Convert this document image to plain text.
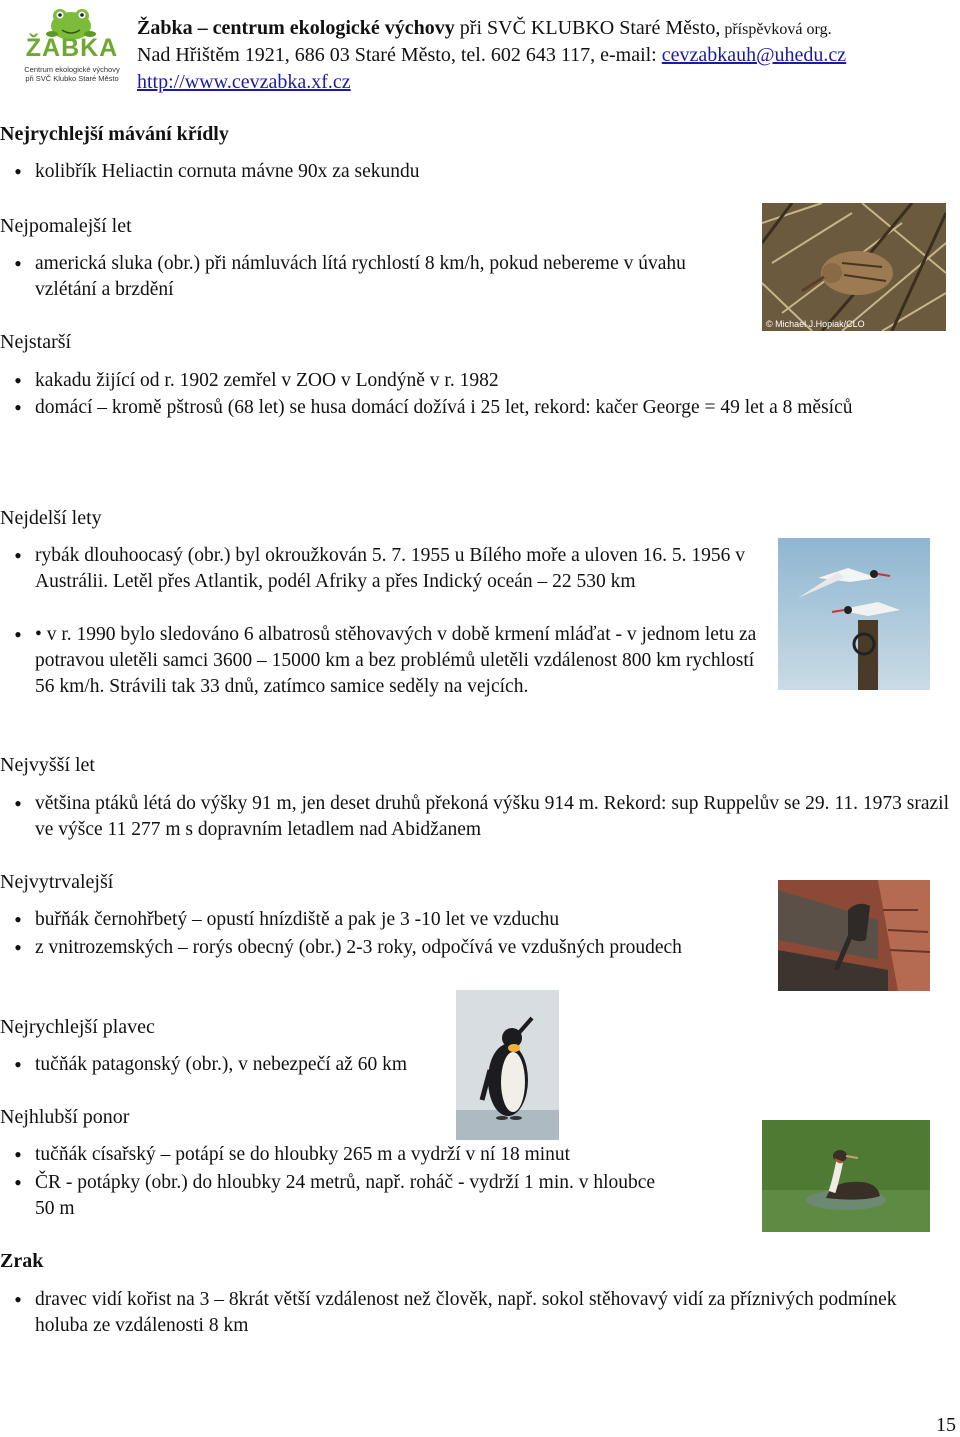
ŽABKA
Centrum ekologické výchovy
při SVČ Klubko Staré Město
Žabka – centrum ekologické výchovy při SVČ KLUBKO Staré Město, příspěvková org.
Nad Hřištěm 1921, 686 03 Staré Město, tel. 602 643 117, e-mail: cevzabkauh@uhedu.cz
http://www.cevzabka.xf.cz
Nejrychlejší mávání křídly
• kolibřík Heliactin cornuta mávne 90x za sekundu
Nejpomalejší let
• americká sluka (obr.) při námluvách lítá rychlostí 8 km/h, pokud nebereme v úvahu vzlétání a brzdění
© Michael J.Hopiak/CLO
Nejstarší
• kakadu žijící od r. 1902 zemřel v ZOO v Londýně v r. 1982
• domácí – kromě pštrosů (68 let) se husa domácí dožívá i 25 let, rekord: kačer George = 49 let a 8 měsíců
Nejdelší lety
• rybák dlouhoocasý (obr.) byl okroužkován 5. 7. 1955 u Bílého moře a uloven 16. 5. 1956 v Austrálii. Letěl přes Atlantik, podél Afriky a přes Indický oceán – 22 530 km
• • v r. 1990 bylo sledováno 6 albatrosů stěhovavých v době krmení mláďat - v jednom letu za potravou uletěli samci 3600 – 15000 km a bez problémů uletěli vzdálenost 800 km rychlostí 56 km/h. Strávili tak 33 dnů, zatímco samice seděly na vejcích.
Nejvyšší let
• většina ptáků létá do výšky 91 m, jen deset druhů překoná výšku 914 m. Rekord: sup Ruppelův se 29. 11. 1973 srazil ve výšce 11 277 m s dopravním letadlem nad Abidžanem
Nejvytrvalejší
• buřňák černohřbetý – opustí hnízdiště a pak je 3 -10 let ve vzduchu
• z vnitrozemských – rorýs obecný (obr.) 2-3 roky, odpočívá ve vzdušných proudech
Nejrychlejší plavec
• tučňák patagonský (obr.), v nebezpečí až 60 km
Nejhlubší ponor
• tučňák císařský – potápí se do hloubky 265 m a vydrží v ní 18 minut
• ČR - potápky (obr.) do hloubky 24 metrů, např. roháč - vydrží 1 min. v hloubce 50 m
Zrak
• dravec vidí kořist na 3 – 8krát větší vzdálenost než člověk, např. sokol stěhovavý vidí za příznivých podmínek holuba ze vzdálenosti 8 km
15
